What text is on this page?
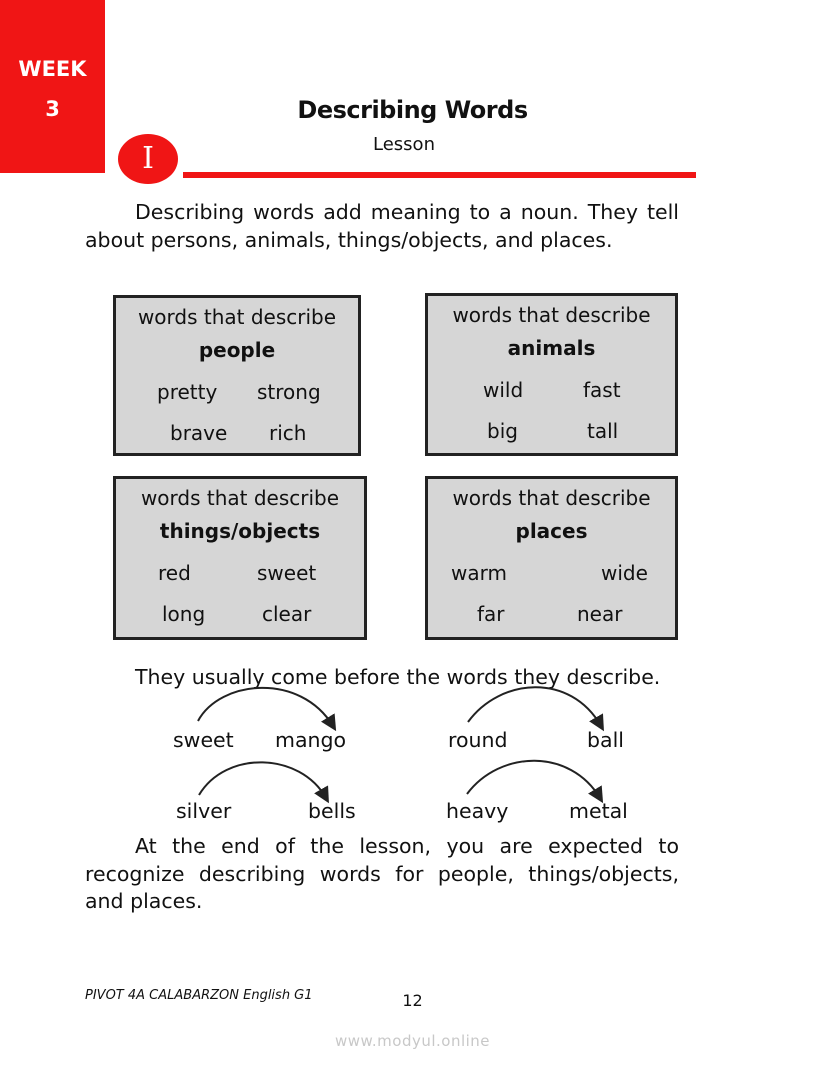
WEEK
3	Describing Words
Lesson
I
Describing words add meaning to a noun. They tell about persons, animals, things/objects, and places.
words that describe
people
pretty strong
brave rich
words that describe
animals
wild	fast
big	tall
words that describe
things/objects
red	sweet
long	clear
words that describe
places
warm	wide
far	near
They usually come before the words they describe.
sweet mango	round	ball
silver	bells	heavy	metal
At the end of the lesson, you are expected to recognize describing words for people, things/objects, and places.
PIVOT 4A CALABARZON English G1	12
www.modyul.online
